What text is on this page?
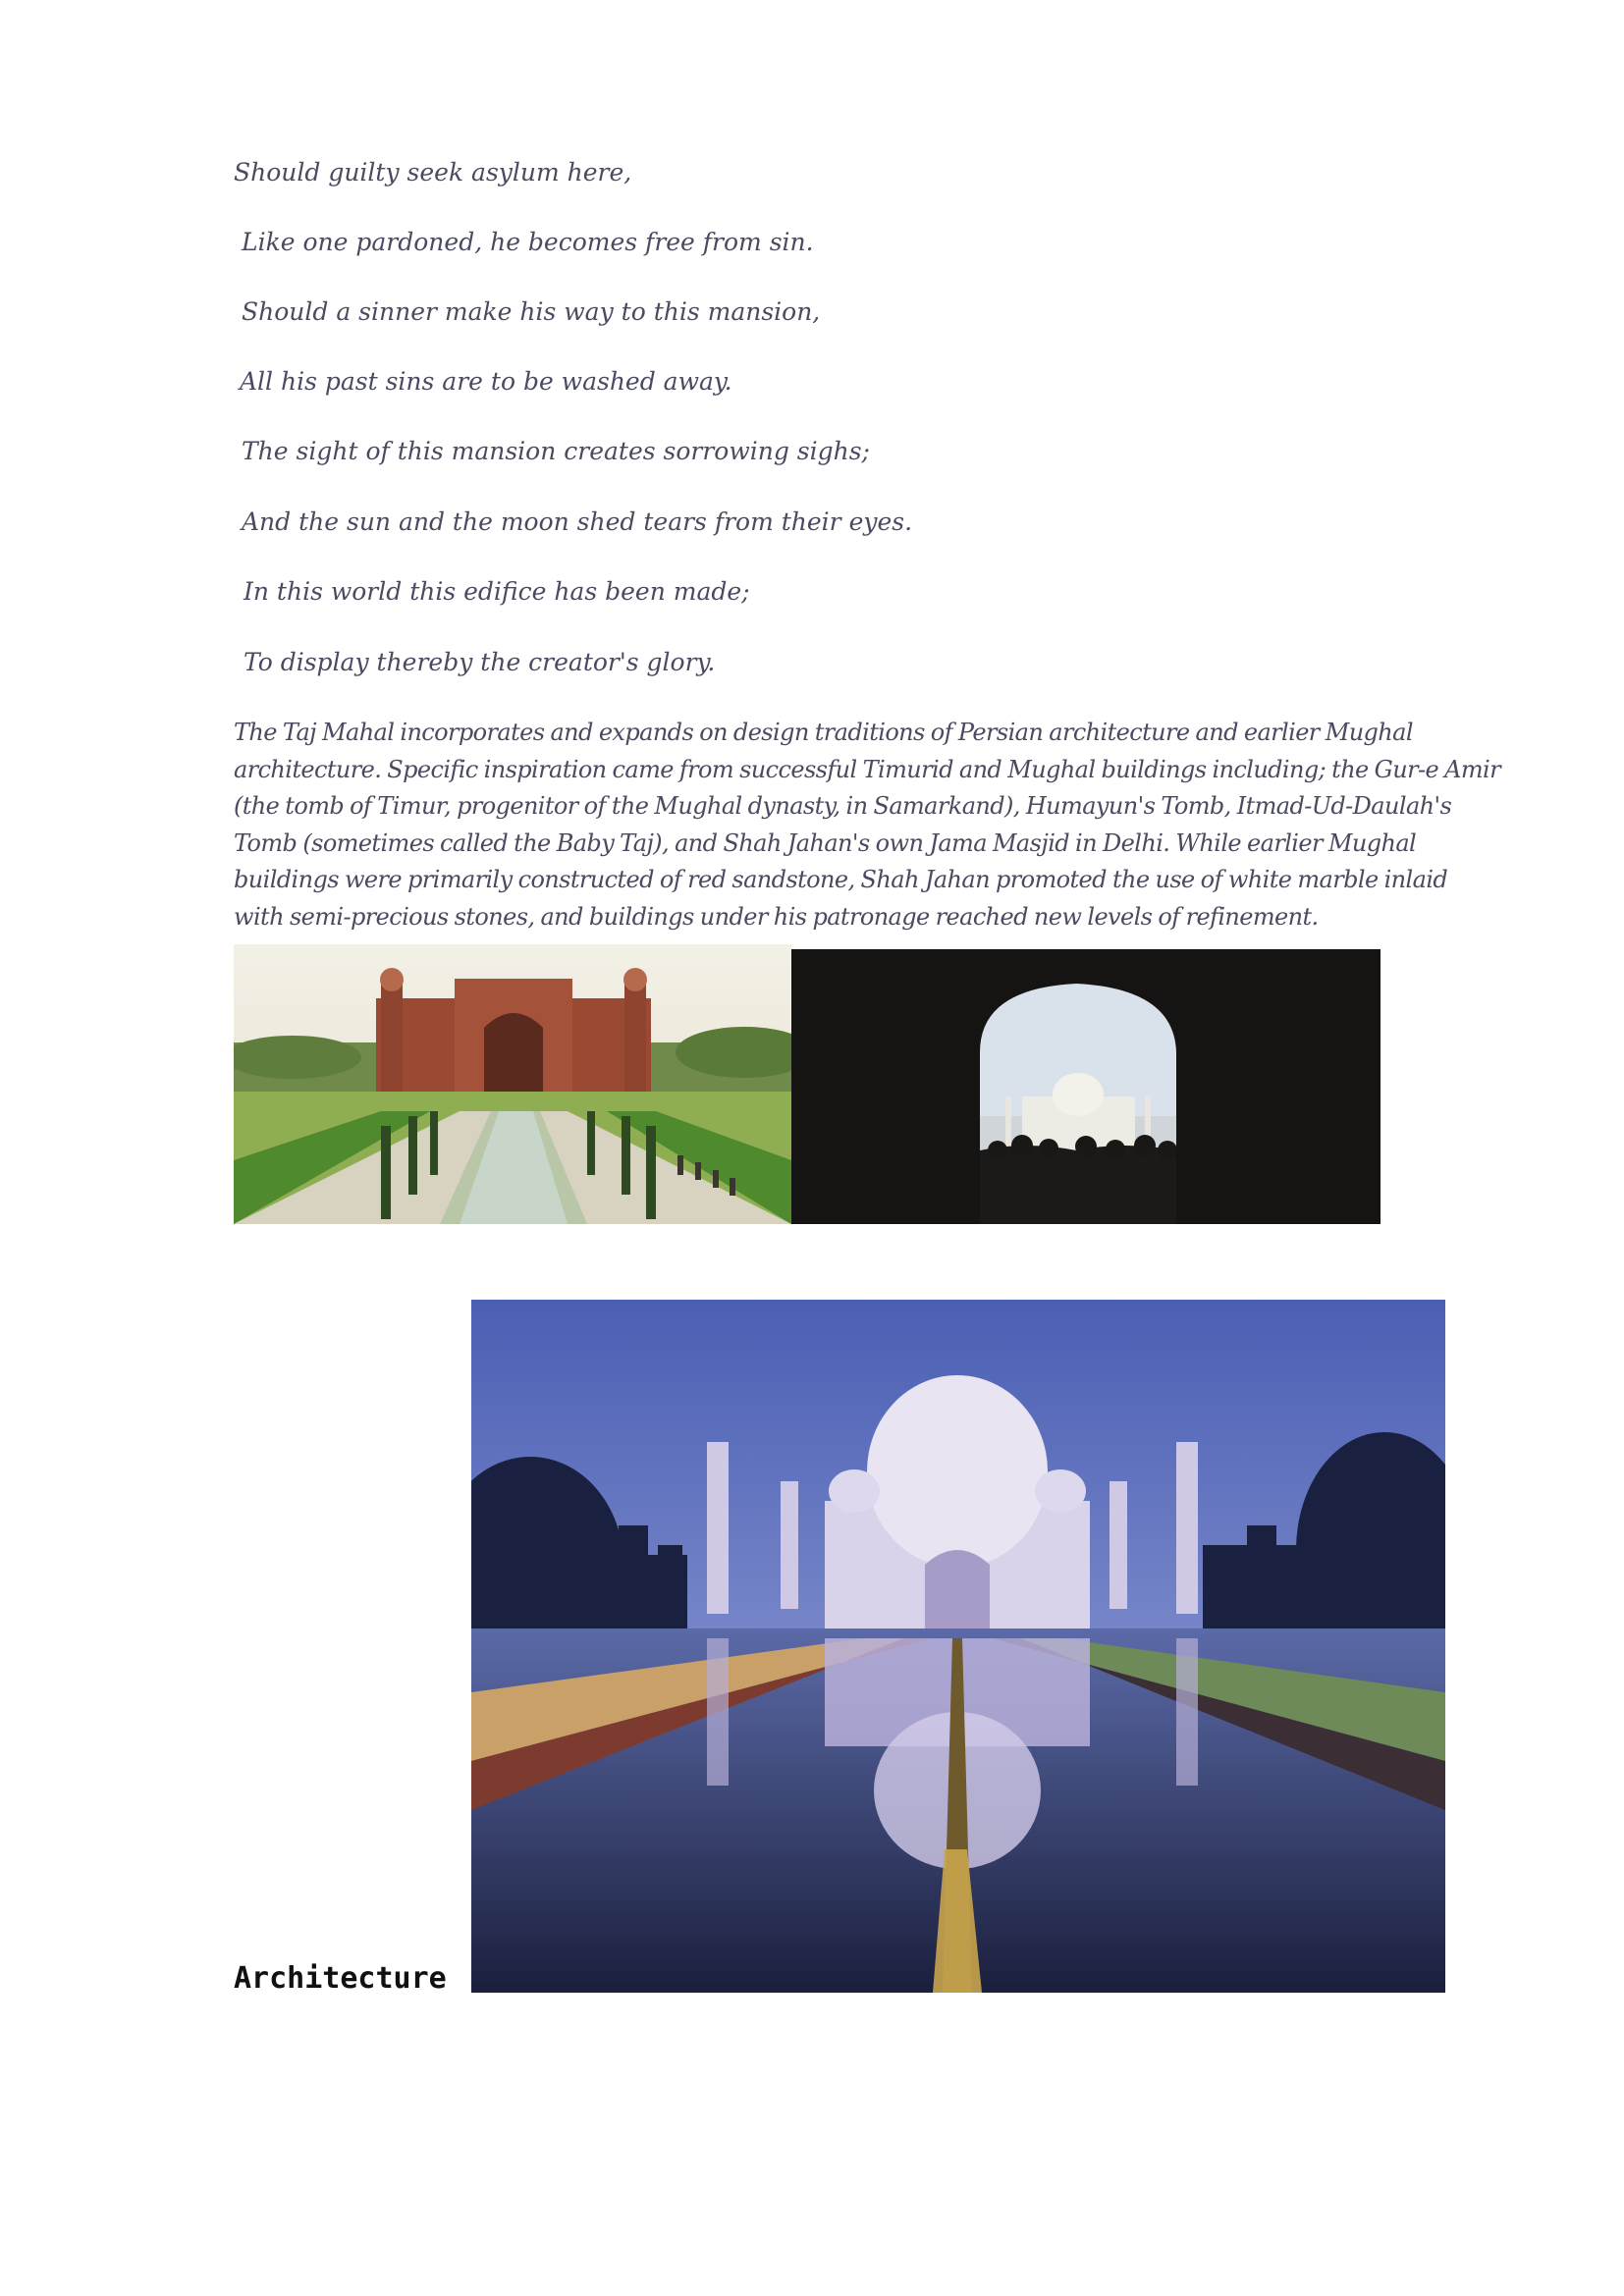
Should guilty seek asylum here,

Like one pardoned, he becomes free from sin.

Should a sinner make his way to this mansion,

All his past sins are to be washed away.

The sight of this mansion creates sorrowing sighs;

And the sun and the moon shed tears from their eyes.

In this world this edifice has been made;

To display thereby the creator's glory.

The Taj Mahal incorporates and expands on design traditions of Persian architecture and earlier Mughal architecture. Specific inspiration came from successful Timurid and Mughal buildings including; the Gur-e Amir (the tomb of Timur, progenitor of the Mughal dynasty, in Samarkand), Humayun's Tomb, Itmad-Ud-Daulah's Tomb (sometimes called the Baby Taj), and Shah Jahan's own Jama Masjid in Delhi. While earlier Mughal buildings were primarily constructed of red sandstone, Shah Jahan promoted the use of white marble inlaid with semi-precious stones, and buildings under his patronage reached new levels of refinement.

Architecture
